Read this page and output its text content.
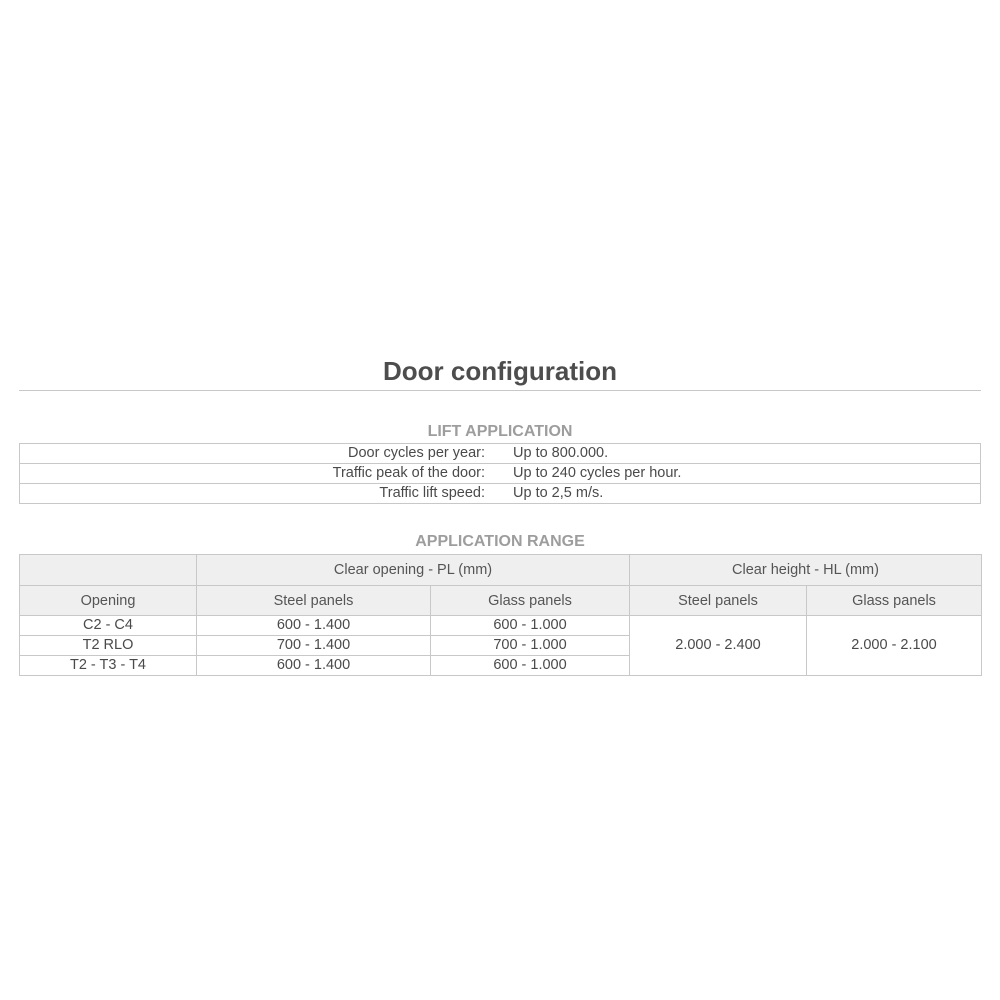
Door configuration
LIFT APPLICATION
Door cycles per year:	Up to 800.000.
Traffic peak of the door:	Up to 240 cycles per hour.
Traffic lift speed:	Up to 2,5 m/s.
APPLICATION RANGE
	Clear opening - PL (mm)		Clear height - HL (mm)	
Opening	Steel panels	Glass panels	Steel panels	Glass panels
C2 - C4	600 - 1.400	600 - 1.000	2.000 - 2.400	2.000 - 2.100
T2 RLO	700 - 1.400	700 - 1.000		
T2 - T3 - T4	600 - 1.400	600 - 1.000		
